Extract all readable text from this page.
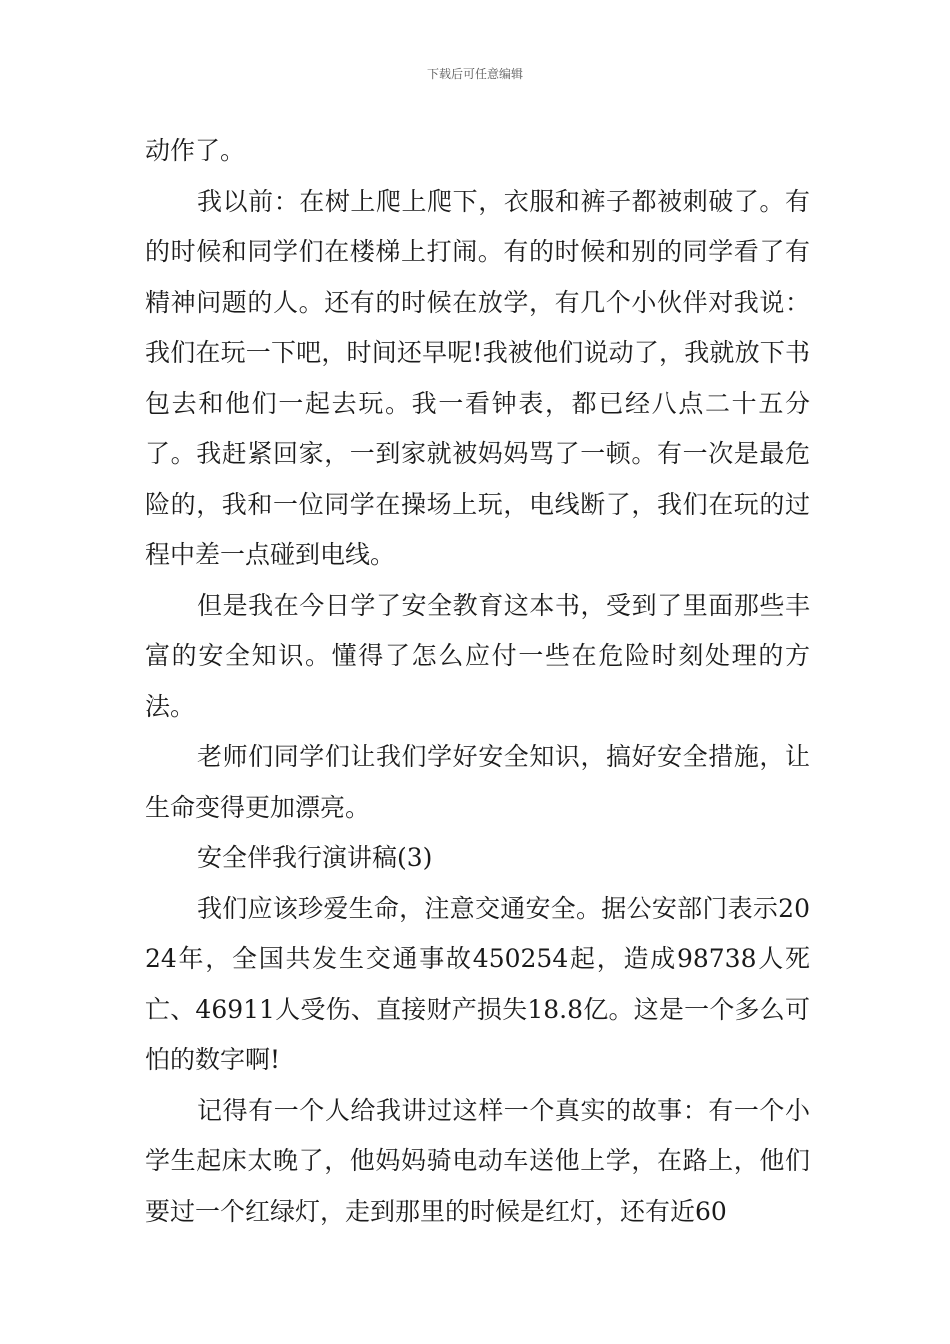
下载后可任意编辑

动作了。

我以前：在树上爬上爬下，衣服和裤子都被刺破了。有的时候和同学们在楼梯上打闹。有的时候和别的同学看了有精神问题的人。还有的时候在放学，有几个小伙伴对我说：我们在玩一下吧，时间还早呢!我被他们说动了，我就放下书包去和他们一起去玩。我一看钟表，都已经八点二十五分了。我赶紧回家，一到家就被妈妈骂了一顿。有一次是最危险的，我和一位同学在操场上玩，电线断了，我们在玩的过程中差一点碰到电线。

但是我在今日学了安全教育这本书，受到了里面那些丰富的安全知识。懂得了怎么应付一些在危险时刻处理的方法。

老师们同学们让我们学好安全知识，搞好安全措施，让生命变得更加漂亮。

安全伴我行演讲稿(3)

我们应该珍爱生命，注意交通安全。据公安部门表示2024年，全国共发生交通事故450254起，造成98738人死亡、46911人受伤、直接财产损失18.8亿。这是一个多么可怕的数字啊!

记得有一个人给我讲过这样一个真实的故事：有一个小学生起床太晚了，他妈妈骑电动车送他上学，在路上，他们要过一个红绿灯，走到那里的时候是红灯，还有近60
